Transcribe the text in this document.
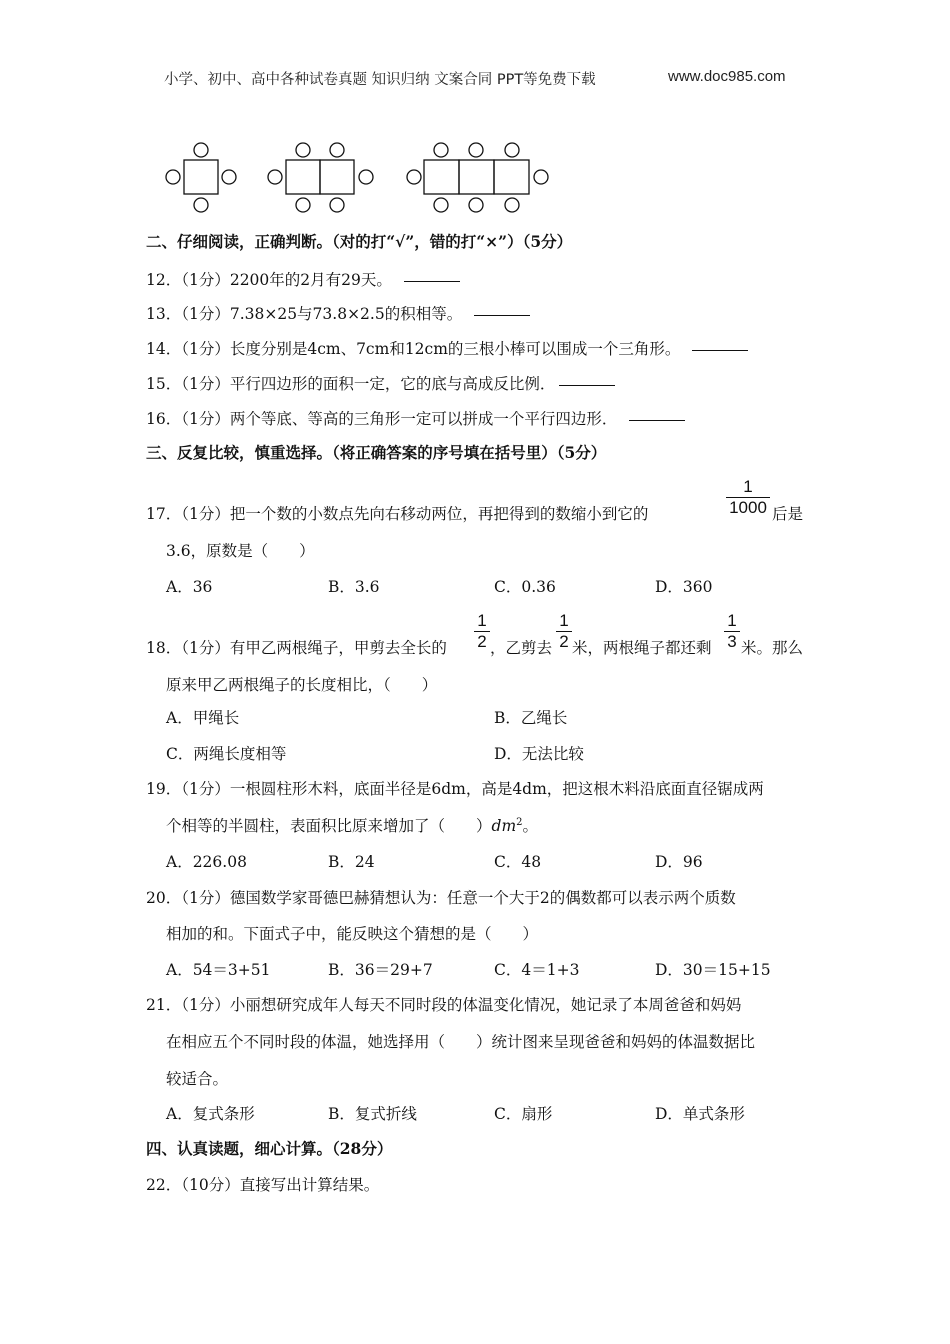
小学、初中、高中各种试卷真题 知识归纳 文案合同 PPT等免费下载	www.doc985.com
二、仔细阅读，正确判断。（对的打“√”，错的打“×”）（5分）
12．（1分）2200年的2月有29天。
13．（1分）7.38×25与73.8×2.5的积相等。
14．（1分）长度分别是4cm、7cm和12cm的三根小棒可以围成一个三角形。
15．（1分）平行四边形的面积一定，它的底与高成反比例．
16．（1分）两个等底、等高的三角形一定可以拼成一个平行四边形．
三、反复比较，慎重选择。（将正确答案的序号填在括号里）（5分）
17．（1分）把一个数的小数点先向右移动两位，再把得到的数缩小到它的	$\frac{1}{1000}$ 后是
3.6，原数是（　　）
A．36	B．3.6	C．0.36	D．360
18．（1分）有甲乙两根绳子，甲剪去全长的 $\frac{1}{2}$ ，乙剪去 $\frac{1}{2}$ 米，两根绳子都还剩 $\frac{1}{3}$ 米。那么
原来甲乙两根绳子的长度相比，（　　）
A．甲绳长	B．乙绳长
C．两绳长度相等	D．无法比较
19．（1分）一根圆柱形木料，底面半径是6dm，高是4dm，把这根木料沿底面直径锯成两
个相等的半圆柱，表面积比原来增加了（　　）$dm^2$。
A．226.08	B．24	C．48	D．96
20．（1分）德国数学家哥德巴赫猜想认为：任意一个大于2的偶数都可以表示两个质数
相加的和。下面式子中，能反映这个猜想的是（　　）
A．54＝3+51	B．36＝29+7	C．4＝1+3	D．30＝15+15
21．（1分）小丽想研究成年人每天不同时段的体温变化情况，她记录了本周爸爸和妈妈
在相应五个不同时段的体温，她选择用（　　）统计图来呈现爸爸和妈妈的体温数据比
较适合。
A．复式条形	B．复式折线	C．扇形	D．单式条形
四、认真读题，细心计算。（28分）
22．（10分）直接写出计算结果。
